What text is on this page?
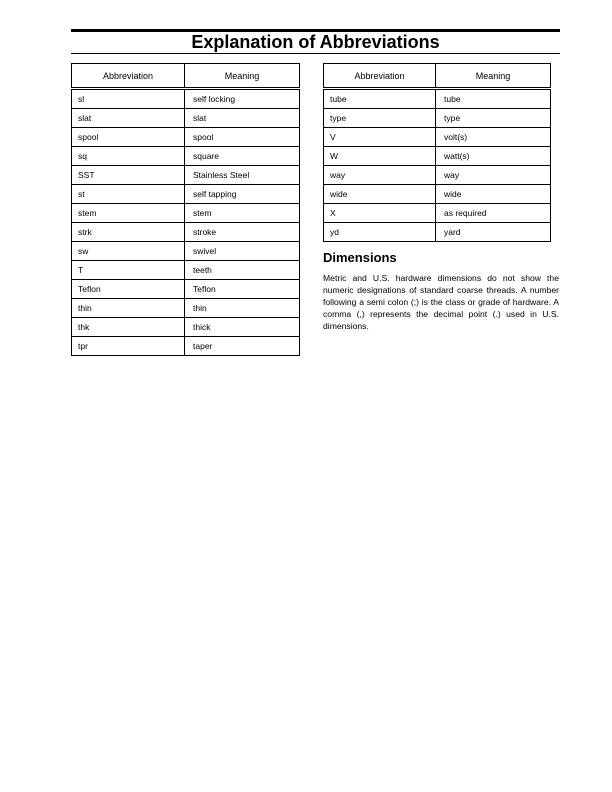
Explanation of Abbreviations
Abbreviation	Meaning
sl	self locking
slat	slat
spool	spool
sq	square
SST	Stainless Steel
st	self tapping
stem	stem
strk	stroke
sw	swivel
T	teeth
Teflon	Teflon
thin	thin
thk	thick
tpr	taper
Abbreviation	Meaning
tube	tube
type	type
V	volt(s)
W	watt(s)
way	way
wide	wide
X	as required
yd	yard
Dimensions

Metric and U.S. hardware dimensions do not show the numeric designations of standard coarse threads. A number following a semi colon (;) is the class or grade of hardware. A comma (,) represents the decimal point (.) used in U.S. dimensions.
